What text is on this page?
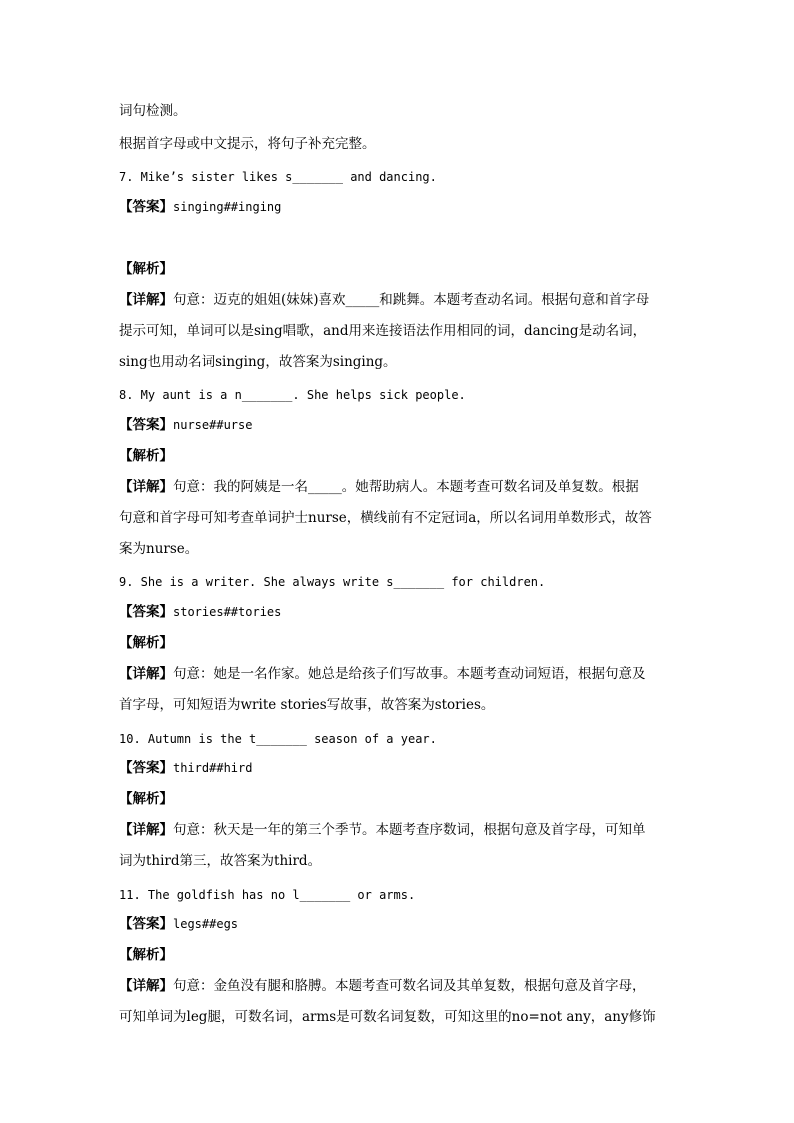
词句检测。
根据首字母或中文提示，将句子补充完整。
7. Mike’s sister likes s_______ and dancing.
【答案】singing##inging
【解析】
【详解】句意：迈克的姐姐(妹妹)喜欢_____和跳舞。本题考查动名词。根据句意和首字母
提示可知，单词可以是sing唱歌，and用来连接语法作用相同的词，dancing是动名词，
sing也用动名词singing，故答案为singing。
8. My aunt is a n_______. She helps sick people.
【答案】nurse##urse
【解析】
【详解】句意：我的阿姨是一名_____。她帮助病人。本题考查可数名词及单复数。根据
句意和首字母可知考查单词护士nurse，横线前有不定冠词a，所以名词用单数形式，故答
案为nurse。
9. She is a writer. She always write s_______ for children.
【答案】stories##tories
【解析】
【详解】句意：她是一名作家。她总是给孩子们写故事。本题考查动词短语，根据句意及
首字母，可知短语为write stories写故事，故答案为stories。
10. Autumn is the t_______ season of a year.
【答案】third##hird
【解析】
【详解】句意：秋天是一年的第三个季节。本题考查序数词，根据句意及首字母，可知单
词为third第三，故答案为third。
11. The goldfish has no l_______ or arms.
【答案】legs##egs
【解析】
【详解】句意：金鱼没有腿和胳膊。本题考查可数名词及其单复数，根据句意及首字母，
可知单词为leg腿，可数名词，arms是可数名词复数，可知这里的no=not any，any修饰
